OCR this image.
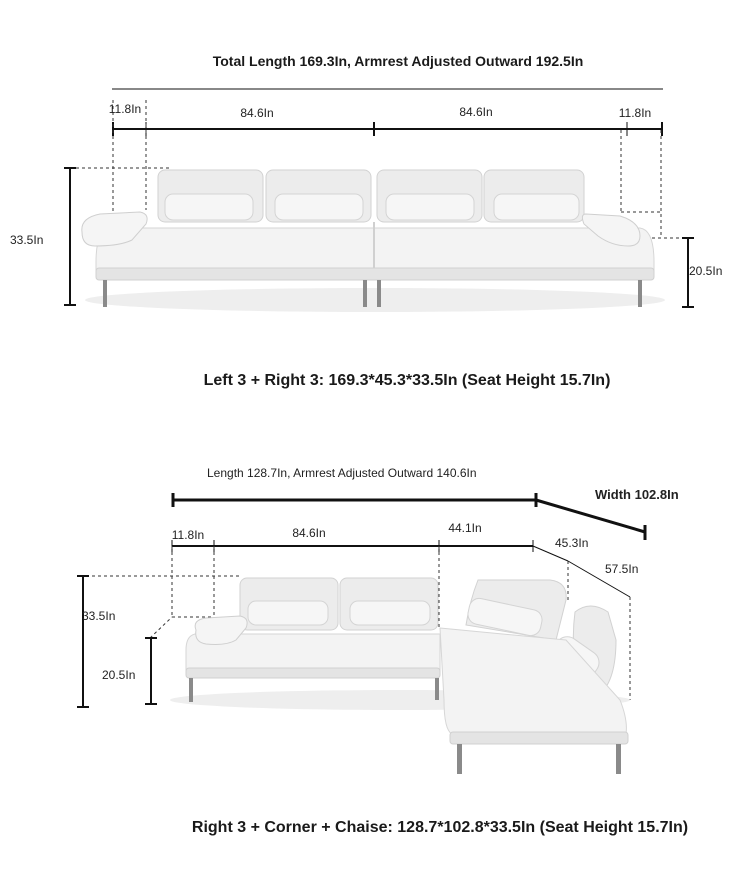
Total Length 169.3In, Armrest Adjusted Outward 192.5In
11.8In	84.6In	84.6In	11.8In
33.5In
20.5In
Left 3 + Right 3: 169.3*45.3*33.5In (Seat Height 15.7In)
Length 128.7In, Armrest Adjusted Outward 140.6In
Width 102.8In
11.8In	84.6In	44.1In
45.3In
57.5In
33.5In
20.5In
Right 3 + Corner + Chaise: 128.7*102.8*33.5In (Seat Height 15.7In)
